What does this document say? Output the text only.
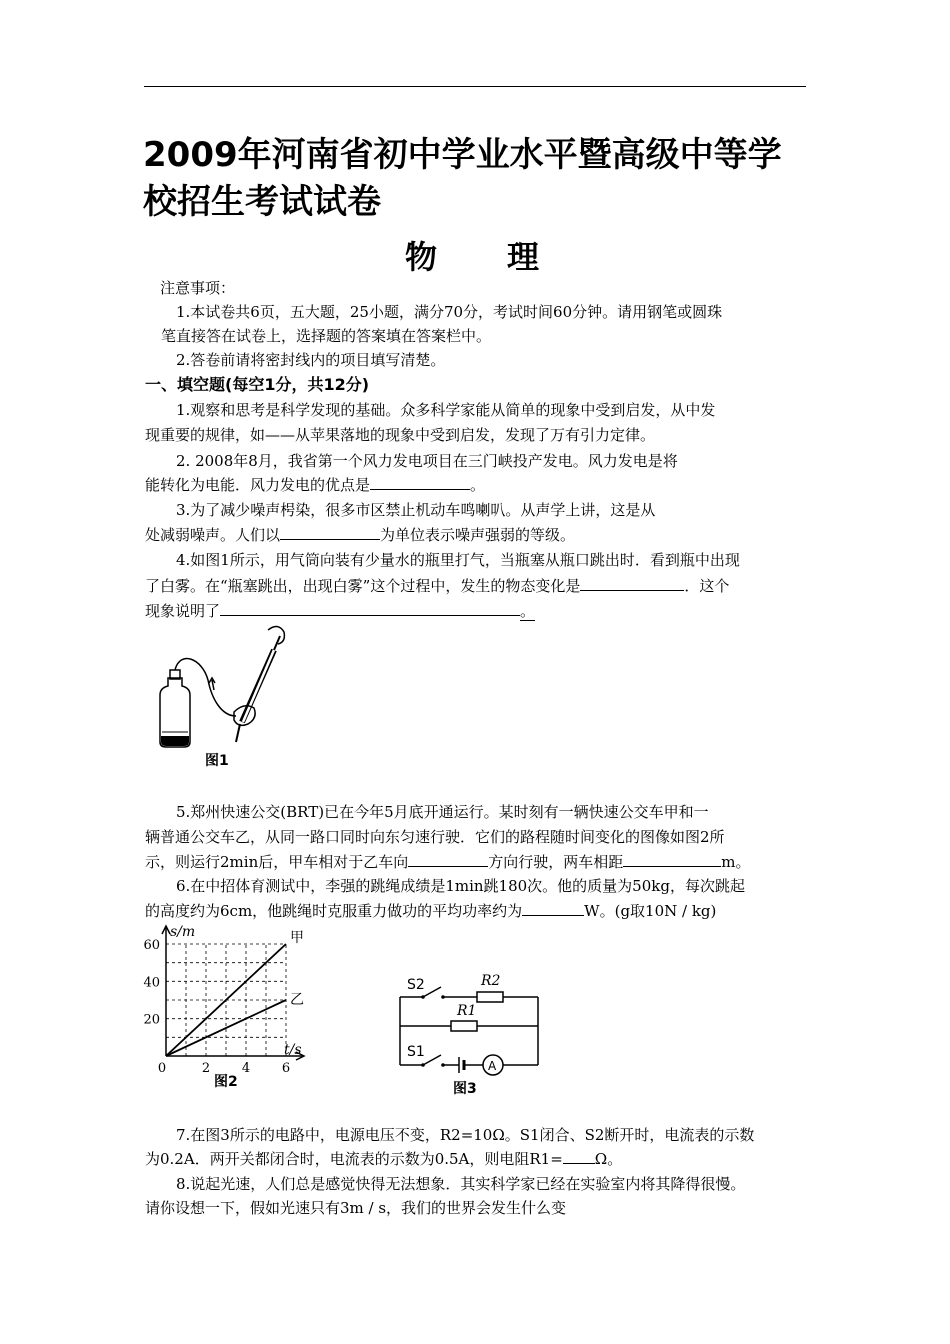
2009年河南省初中学业水平暨高级中等学
校招生考试试卷
物理
注意事项：
1.本试卷共6页，五大题，25小题，满分70分，考试时间60分钟。请用钢笔或圆珠
笔直接答在试卷上，选择题的答案填在答案栏中。
2.答卷前请将密封线内的项目填写清楚。
一、填空题(每空1分，共12分)
1.观察和思考是科学发现的基础。众多科学家能从简单的现象中受到启发，从中发
现重要的规律，如——从苹果落地的现象中受到启发，发现了万有引力定律。
2. 2008年8月，我省第一个风力发电项目在三门峡投产发电。风力发电是将
能转化为电能．风力发电的优点是	。
3.为了减少噪声枵染，很多市区禁止机动车鸣喇叭。从声学上讲，这是从
处减弱噪声。人们以	为单位表示噪声强弱的等级。
4.如图1所示，用气筒向装有少量水的瓶里打气，当瓶塞从瓶口跳出时．看到瓶中出现
了白雾。在“瓶塞跳出，出现白雾”这个过程中，发生的物态变化是	．这个
现象说明了	。
图1
5.郑州快速公交(BRT)已在今年5月底开通运行。某时刻有一辆快速公交车甲和一
辆普通公交车乙，从同一路口同时向东匀速行驶．它们的路程随时间变化的图像如图2所
示，则运行2min后，甲车相对于乙车向	方向行驶，两车相距	m。
6.在中招体育测试中，李强的跳绳成绩是1min跳180次。他的质量为50kg，每次跳起
的高度约为6cm，他跳绳时克服重力做功的平均功率约为	W。(g取10N / kg)
甲
乙
20
40
60
0	2 4 6
s/m
t/s
图2
S2	R2
R1
S1
A
图3
7.在图3所示的电路中，电源电压不变，R2=10Ω。S1闭合、S2断开时，电流表的示数
为0.2A．两开关都闭合时，电流表的示数为0.5A，则电阻R1= Ω。
8.说起光速，人们总是感觉快得无法想象．其实科学家已经在实验室内将其降得很慢。
请你设想一下，假如光速只有3m / s，我们的世界会发生什么变
